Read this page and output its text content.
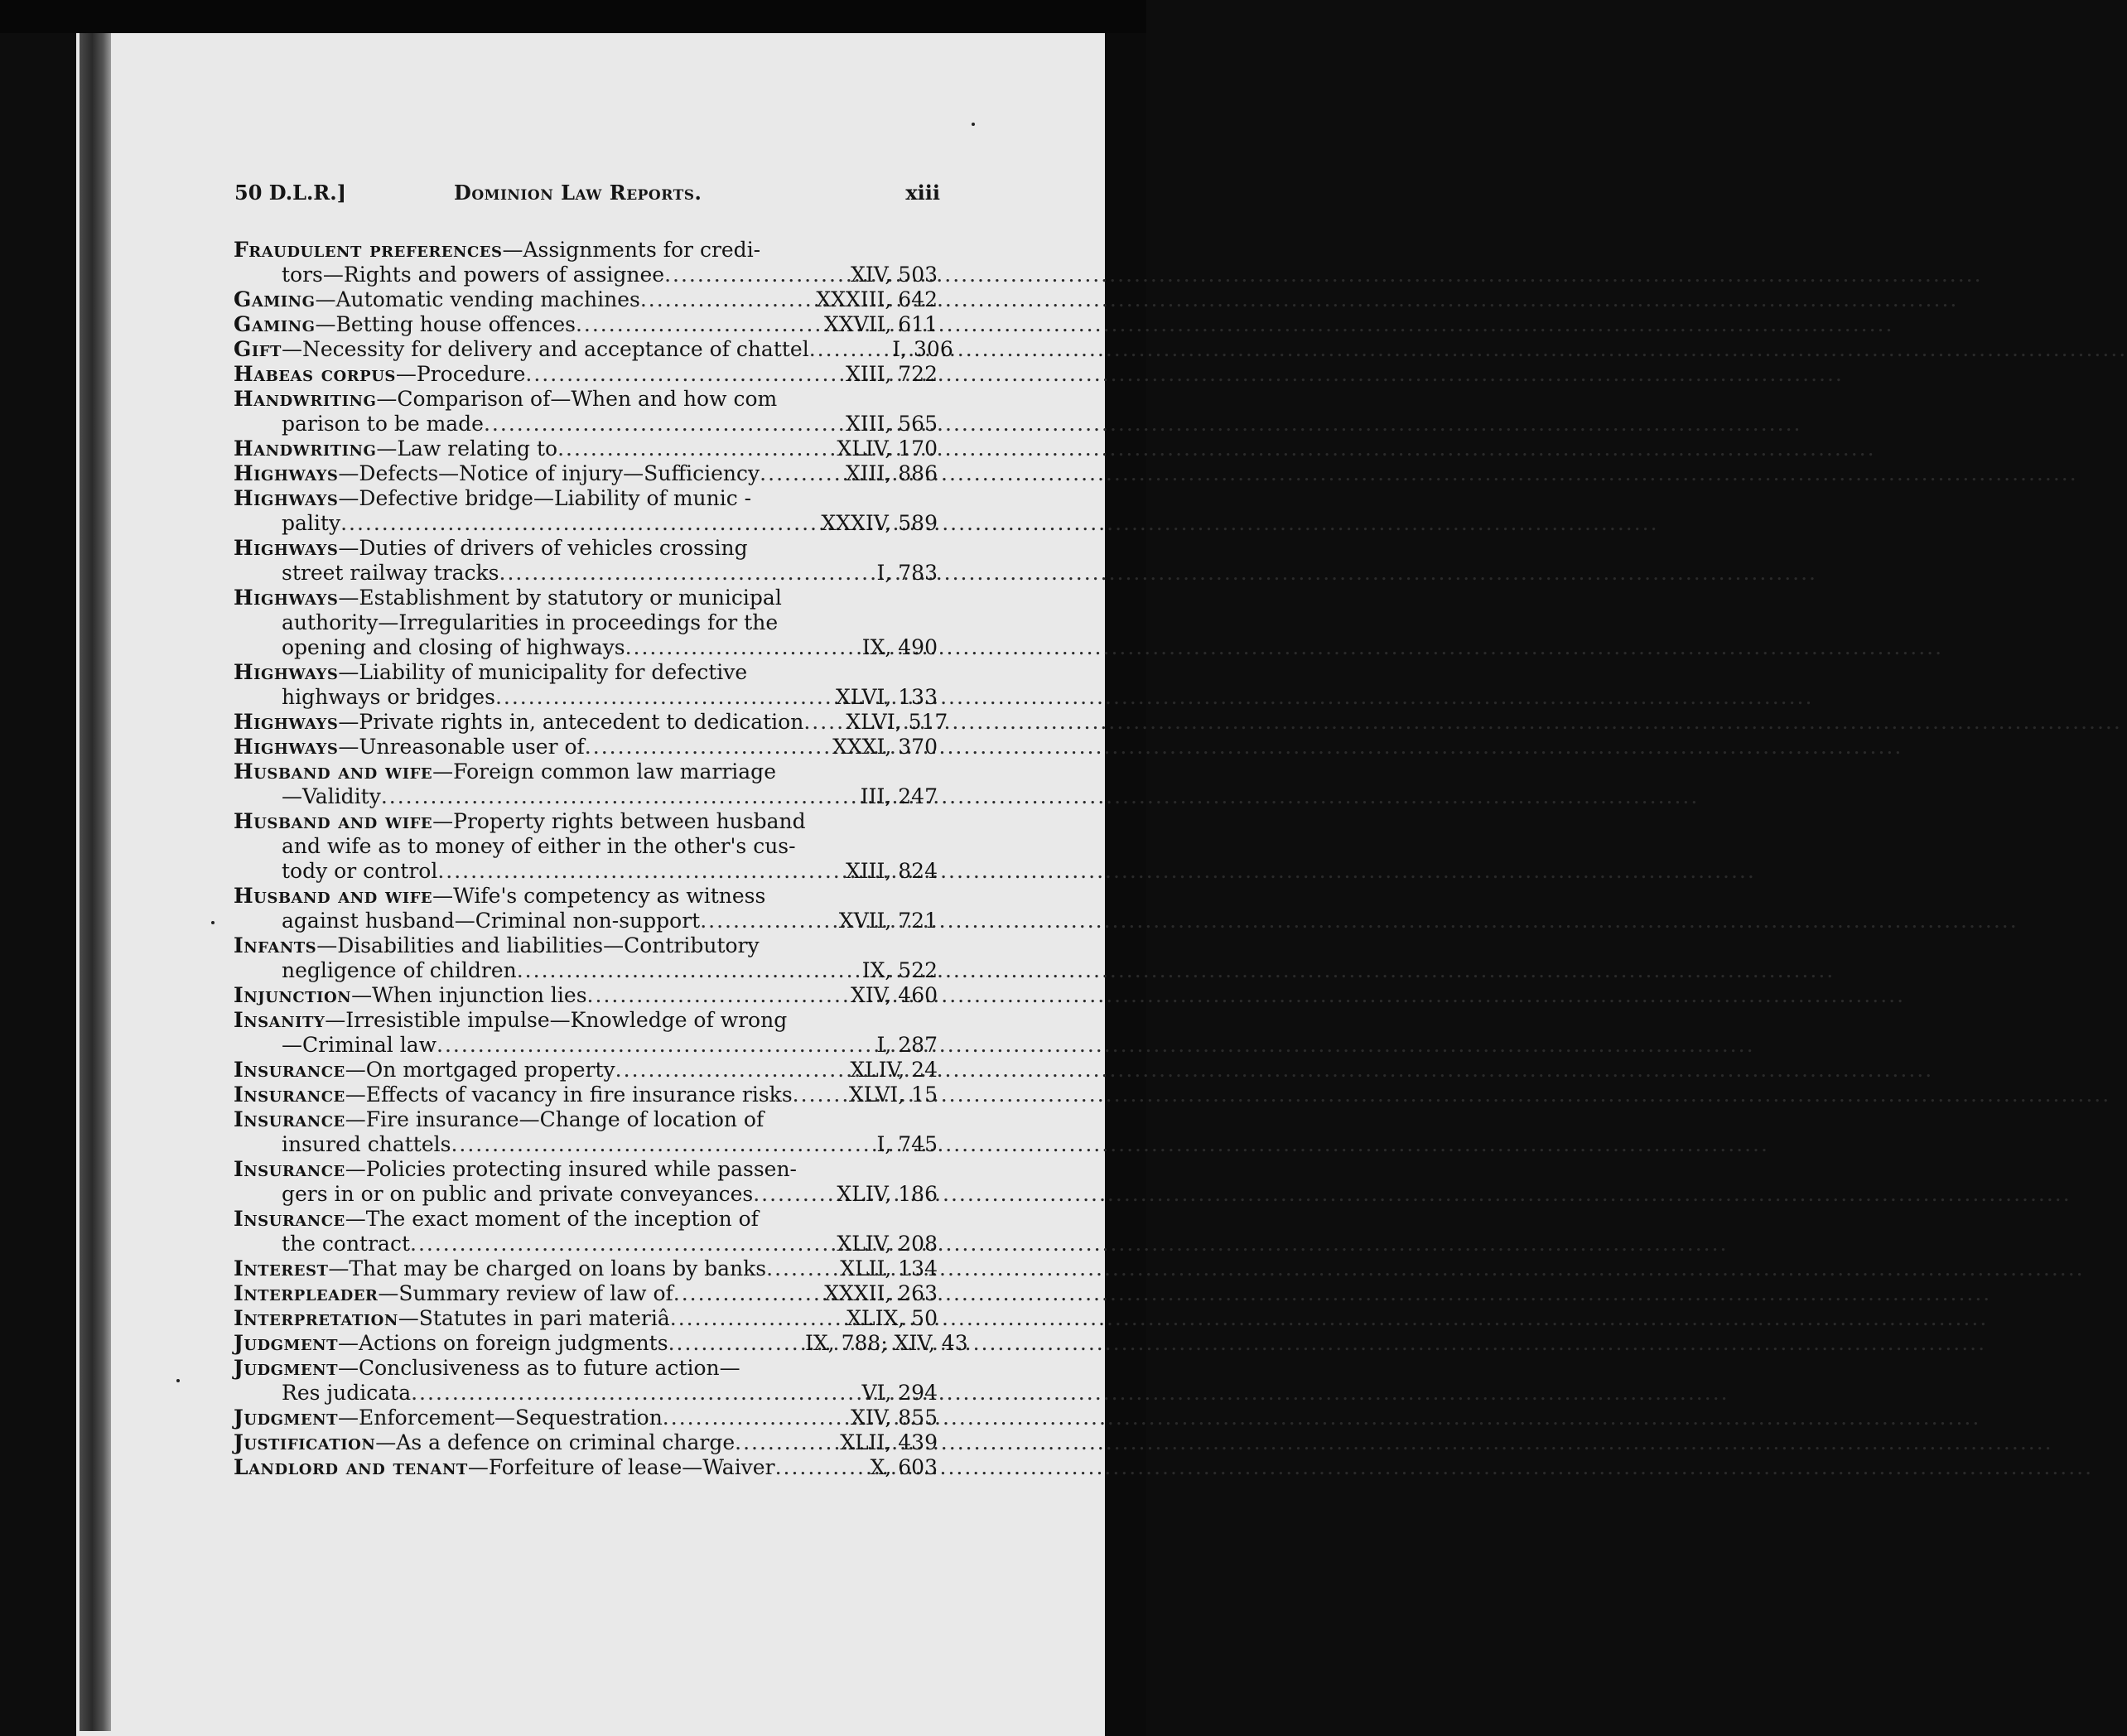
50 D.L.R.]	Dominion Law Reports.	xiii
Fraudulent preferences—Assignments for credi-
tors—Rights and powers of assignee .....	XIV, 503
Gaming—Automatic vending machines .....	XXXIII, 642
Gaming—Betting house offences .....	XXVII, 611
Gift—Necessity for delivery and acceptance of chattel .....	I, 306
Habeas corpus—Procedure .....	XIII, 722
Handwriting—Comparison of—When and how com
parison to be made .....	XIII, 565
Handwriting—Law relating to .....	XLIV, 170
Highways—Defects—Notice of injury—Sufficiency .....	XIII, 886
Highways—Defective bridge—Liability of munic -
pality .....	XXXIV, 589
Highways—Duties of drivers of vehicles crossing
street railway tracks .....	I, 783
Highways—Establishment by statutory or municipal
authority—Irregularities in proceedings for the
opening and closing of highways .....	IX, 490
Highways—Liability of municipality for defective
highways or bridges .....	XLVI, 133
Highways—Private rights in, antecedent to dedication .....	XLVI, 517
Highways—Unreasonable user of .....	XXXI, 370
Husband and wife—Foreign common law marriage
—Validity .....	III, 247
Husband and wife—Property rights between husband
and wife as to money of either in the other's cus-
tody or control .....	XIII, 824
Husband and wife—Wife's competency as witness
against husband—Criminal non-support .....	XVII, 721
Infants—Disabilities and liabilities—Contributory
negligence of children .....	IX, 522
Injunction—When injunction lies .....	XIV, 460
Insanity—Irresistible impulse—Knowledge of wrong
—Criminal law .....	I, 287
Insurance—On mortgaged property .....	XLIV, 24
Insurance—Effects of vacancy in fire insurance risks .....	XLVI, 15
Insurance—Fire insurance—Change of location of
insured chattels .....	I, 745
Insurance—Policies protecting insured while passen-
gers in or on public and private conveyances .....	XLIV, 186
Insurance—The exact moment of the inception of
the contract .....	XLIV, 208
Interest—That may be charged on loans by banks .....	XLII, 134
Interpleader—Summary review of law of .....	XXXII, 263
Interpretation—Statutes in pari materiâ .....	XLIX, 50
Judgment—Actions on foreign judgments .....	IX, 788; XIV, 43
Judgment—Conclusiveness as to future action—
Res judicata .....	VI, 294
Judgment—Enforcement—Sequestration .....	XIV, 855
Justification—As a defence on criminal charge .....	XLII, 439
Landlord and tenant—Forfeiture of lease—Waiver .....	X, 603
